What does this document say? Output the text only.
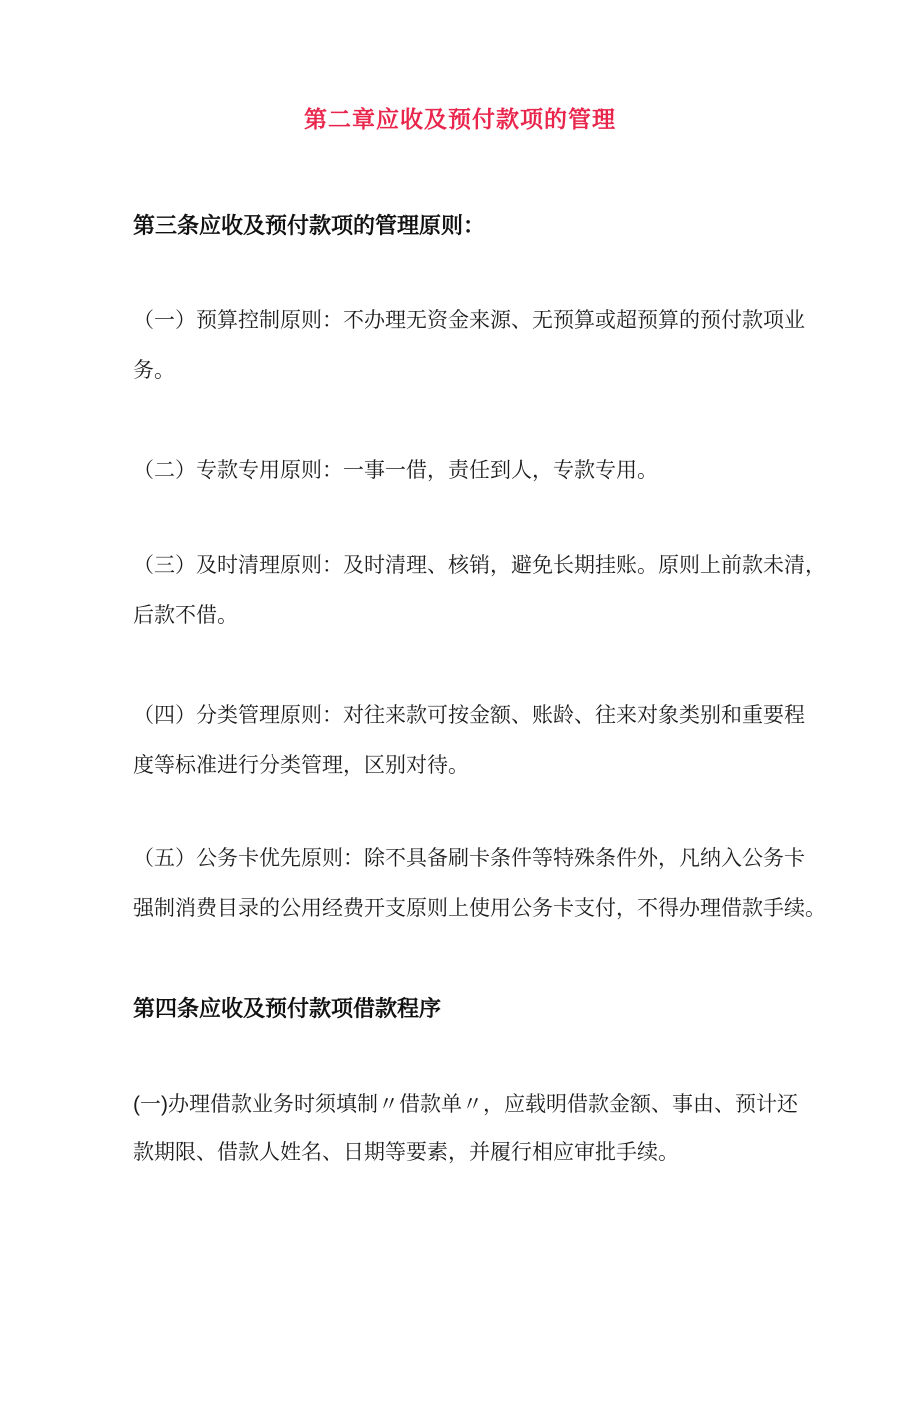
第二章应收及预付款项的管理
第三条应收及预付款项的管理原则：
（一）预算控制原则：不办理无资金来源、无预算或超预算的预付款项业
务。
（二）专款专用原则：一事一借，责任到人，专款专用。
（三）及时清理原则：及时清理、核销，避免长期挂账。原则上前款未清，
后款不借。
（四）分类管理原则：对往来款可按金额、账龄、往来对象类别和重要程
度等标准进行分类管理，区别对待。
（五）公务卡优先原则：除不具备刷卡条件等特殊条件外，凡纳入公务卡
强制消费目录的公用经费开支原则上使用公务卡支付，不得办理借款手续。
第四条应收及预付款项借款程序
(一)办理借款业务时须填制〃借款单〃，应载明借款金额、事由、预计还
款期限、借款人姓名、日期等要素，并履行相应审批手续。
